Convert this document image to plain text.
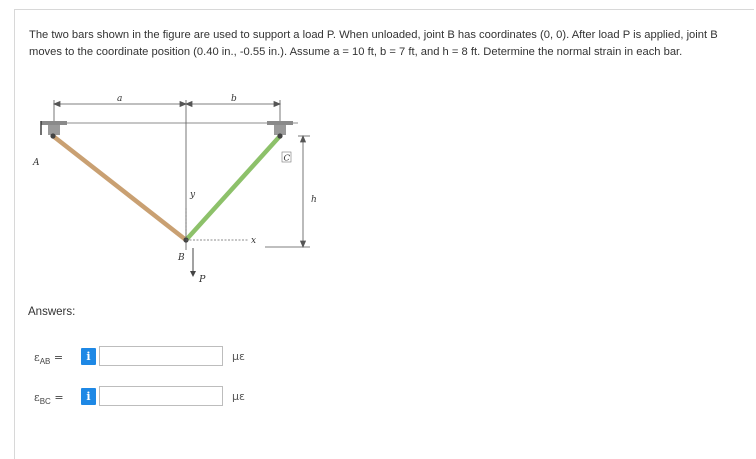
The two bars shown in the figure are used to support a load P. When unloaded, joint B has coordinates (0, 0). After load P is applied, joint B moves to the coordinate position (0.40 in., -0.55 in.). Assume a = 10 ft, b = 7 ft, and h = 8 ft. Determine the normal strain in each bar.
a	b
A
B
C
y
x
P
h
Answers:
$\varepsilon_{AB}$ =	i	με
$\varepsilon_{BC}$ =	i	με
